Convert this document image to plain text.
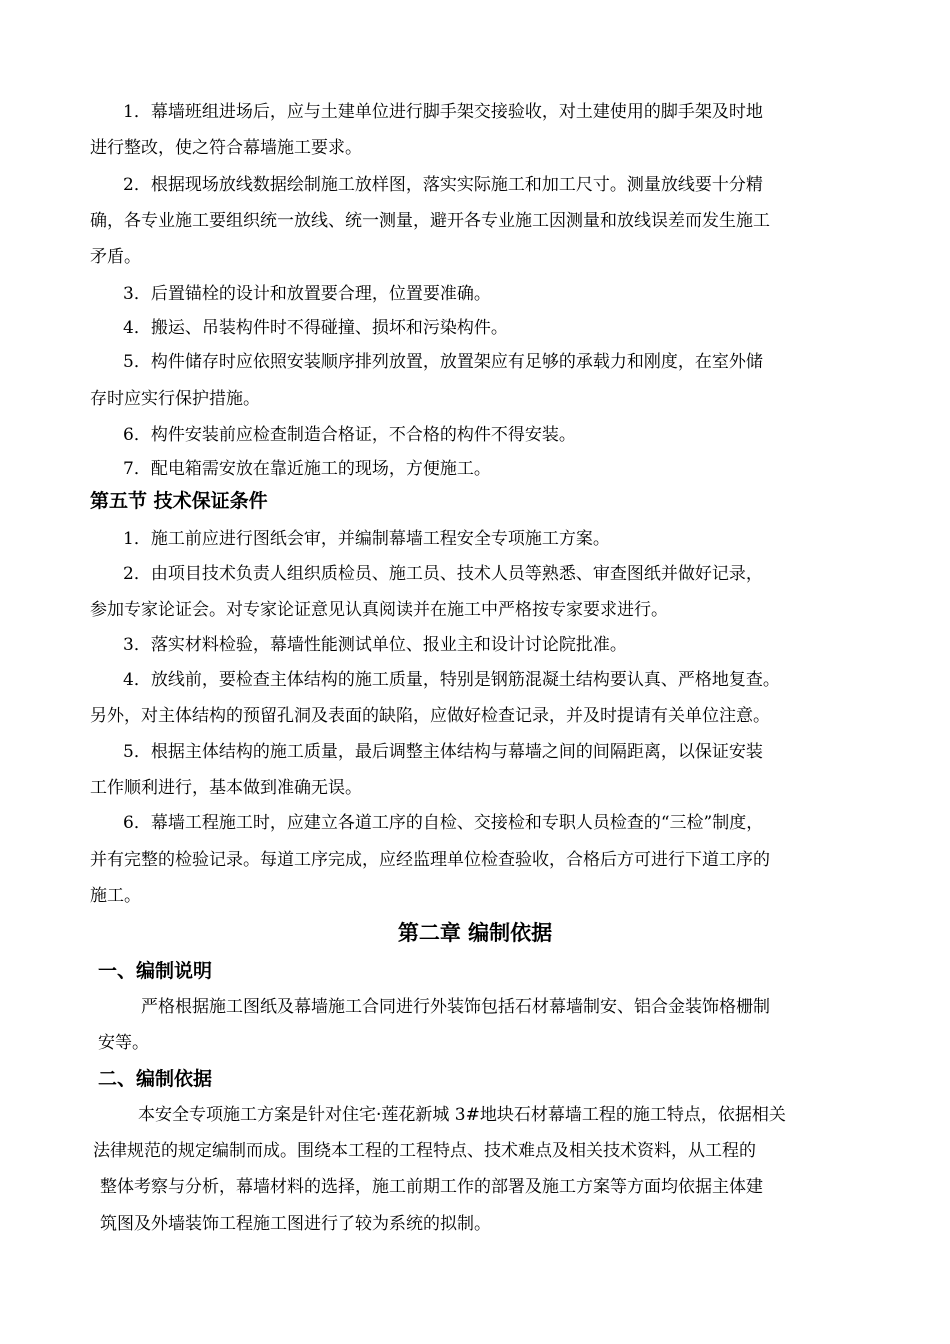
1．幕墙班组进场后，应与土建单位进行脚手架交接验收，对土建使用的脚手架及时地
进行整改，使之符合幕墙施工要求。
2．根据现场放线数据绘制施工放样图，落实实际施工和加工尺寸。测量放线要十分精
确，各专业施工要组织统一放线、统一测量，避开各专业施工因测量和放线误差而发生施工
矛盾。
3．后置锚栓的设计和放置要合理，位置要准确。
4．搬运、吊装构件时不得碰撞、损坏和污染构件。
5．构件储存时应依照安装顺序排列放置，放置架应有足够的承载力和刚度，在室外储
存时应实行保护措施。
6．构件安装前应检查制造合格证，不合格的构件不得安装。
7．配电箱需安放在靠近施工的现场，方便施工。
第五节 技术保证条件
1．施工前应进行图纸会审，并编制幕墙工程安全专项施工方案。
2．由项目技术负责人组织质检员、施工员、技术人员等熟悉、审查图纸并做好记录，
参加专家论证会。对专家论证意见认真阅读并在施工中严格按专家要求进行。
3．落实材料检验，幕墙性能测试单位、报业主和设计讨论院批准。
4．放线前，要检查主体结构的施工质量，特别是钢筋混凝土结构要认真、严格地复查。
另外，对主体结构的预留孔洞及表面的缺陷，应做好检查记录，并及时提请有关单位注意。
5．根据主体结构的施工质量，最后调整主体结构与幕墙之间的间隔距离，以保证安装
工作顺利进行，基本做到准确无误。
6．幕墙工程施工时，应建立各道工序的自检、交接检和专职人员检查的“三检”制度，
并有完整的检验记录。每道工序完成，应经监理单位检查验收，合格后方可进行下道工序的
施工。
第二章 编制依据
一、编制说明
严格根据施工图纸及幕墙施工合同进行外装饰包括石材幕墙制安、铝合金装饰格栅制
安等。
二、编制依据
本安全专项施工方案是针对住宅·莲花新城 3#地块石材幕墙工程的施工特点，依据相关
法律规范的规定编制而成。围绕本工程的工程特点、技术难点及相关技术资料，从工程的
整体考察与分析，幕墙材料的选择，施工前期工作的部署及施工方案等方面均依据主体建
筑图及外墙装饰工程施工图进行了较为系统的拟制。
